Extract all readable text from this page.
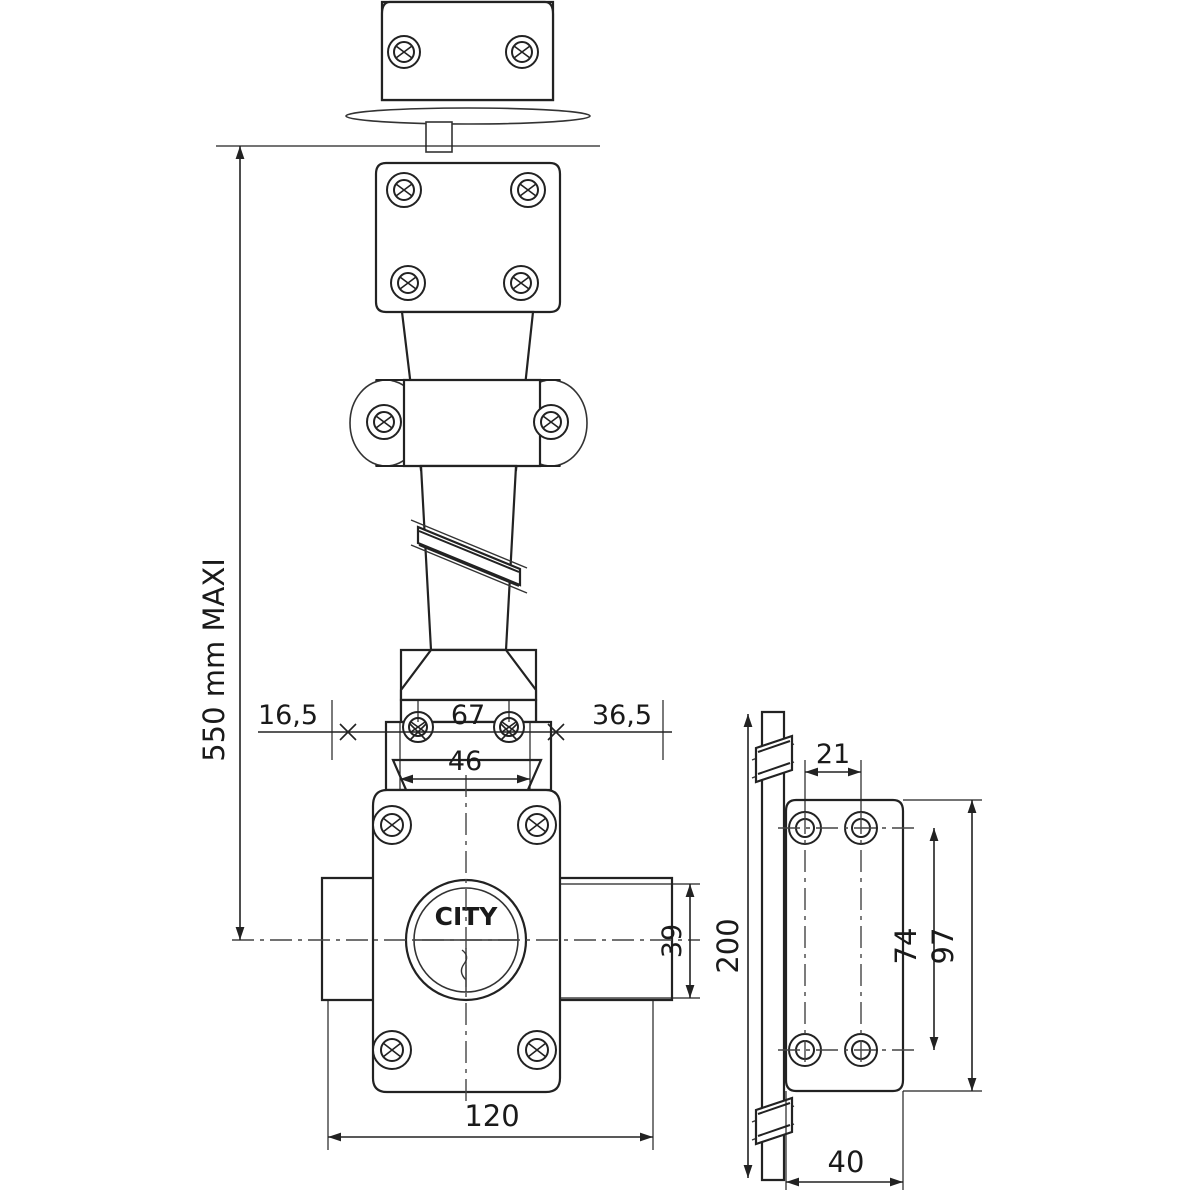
CITY
550 mm MAXI 16,5	67	36,5
46
39
120
21
200	74 97
40
